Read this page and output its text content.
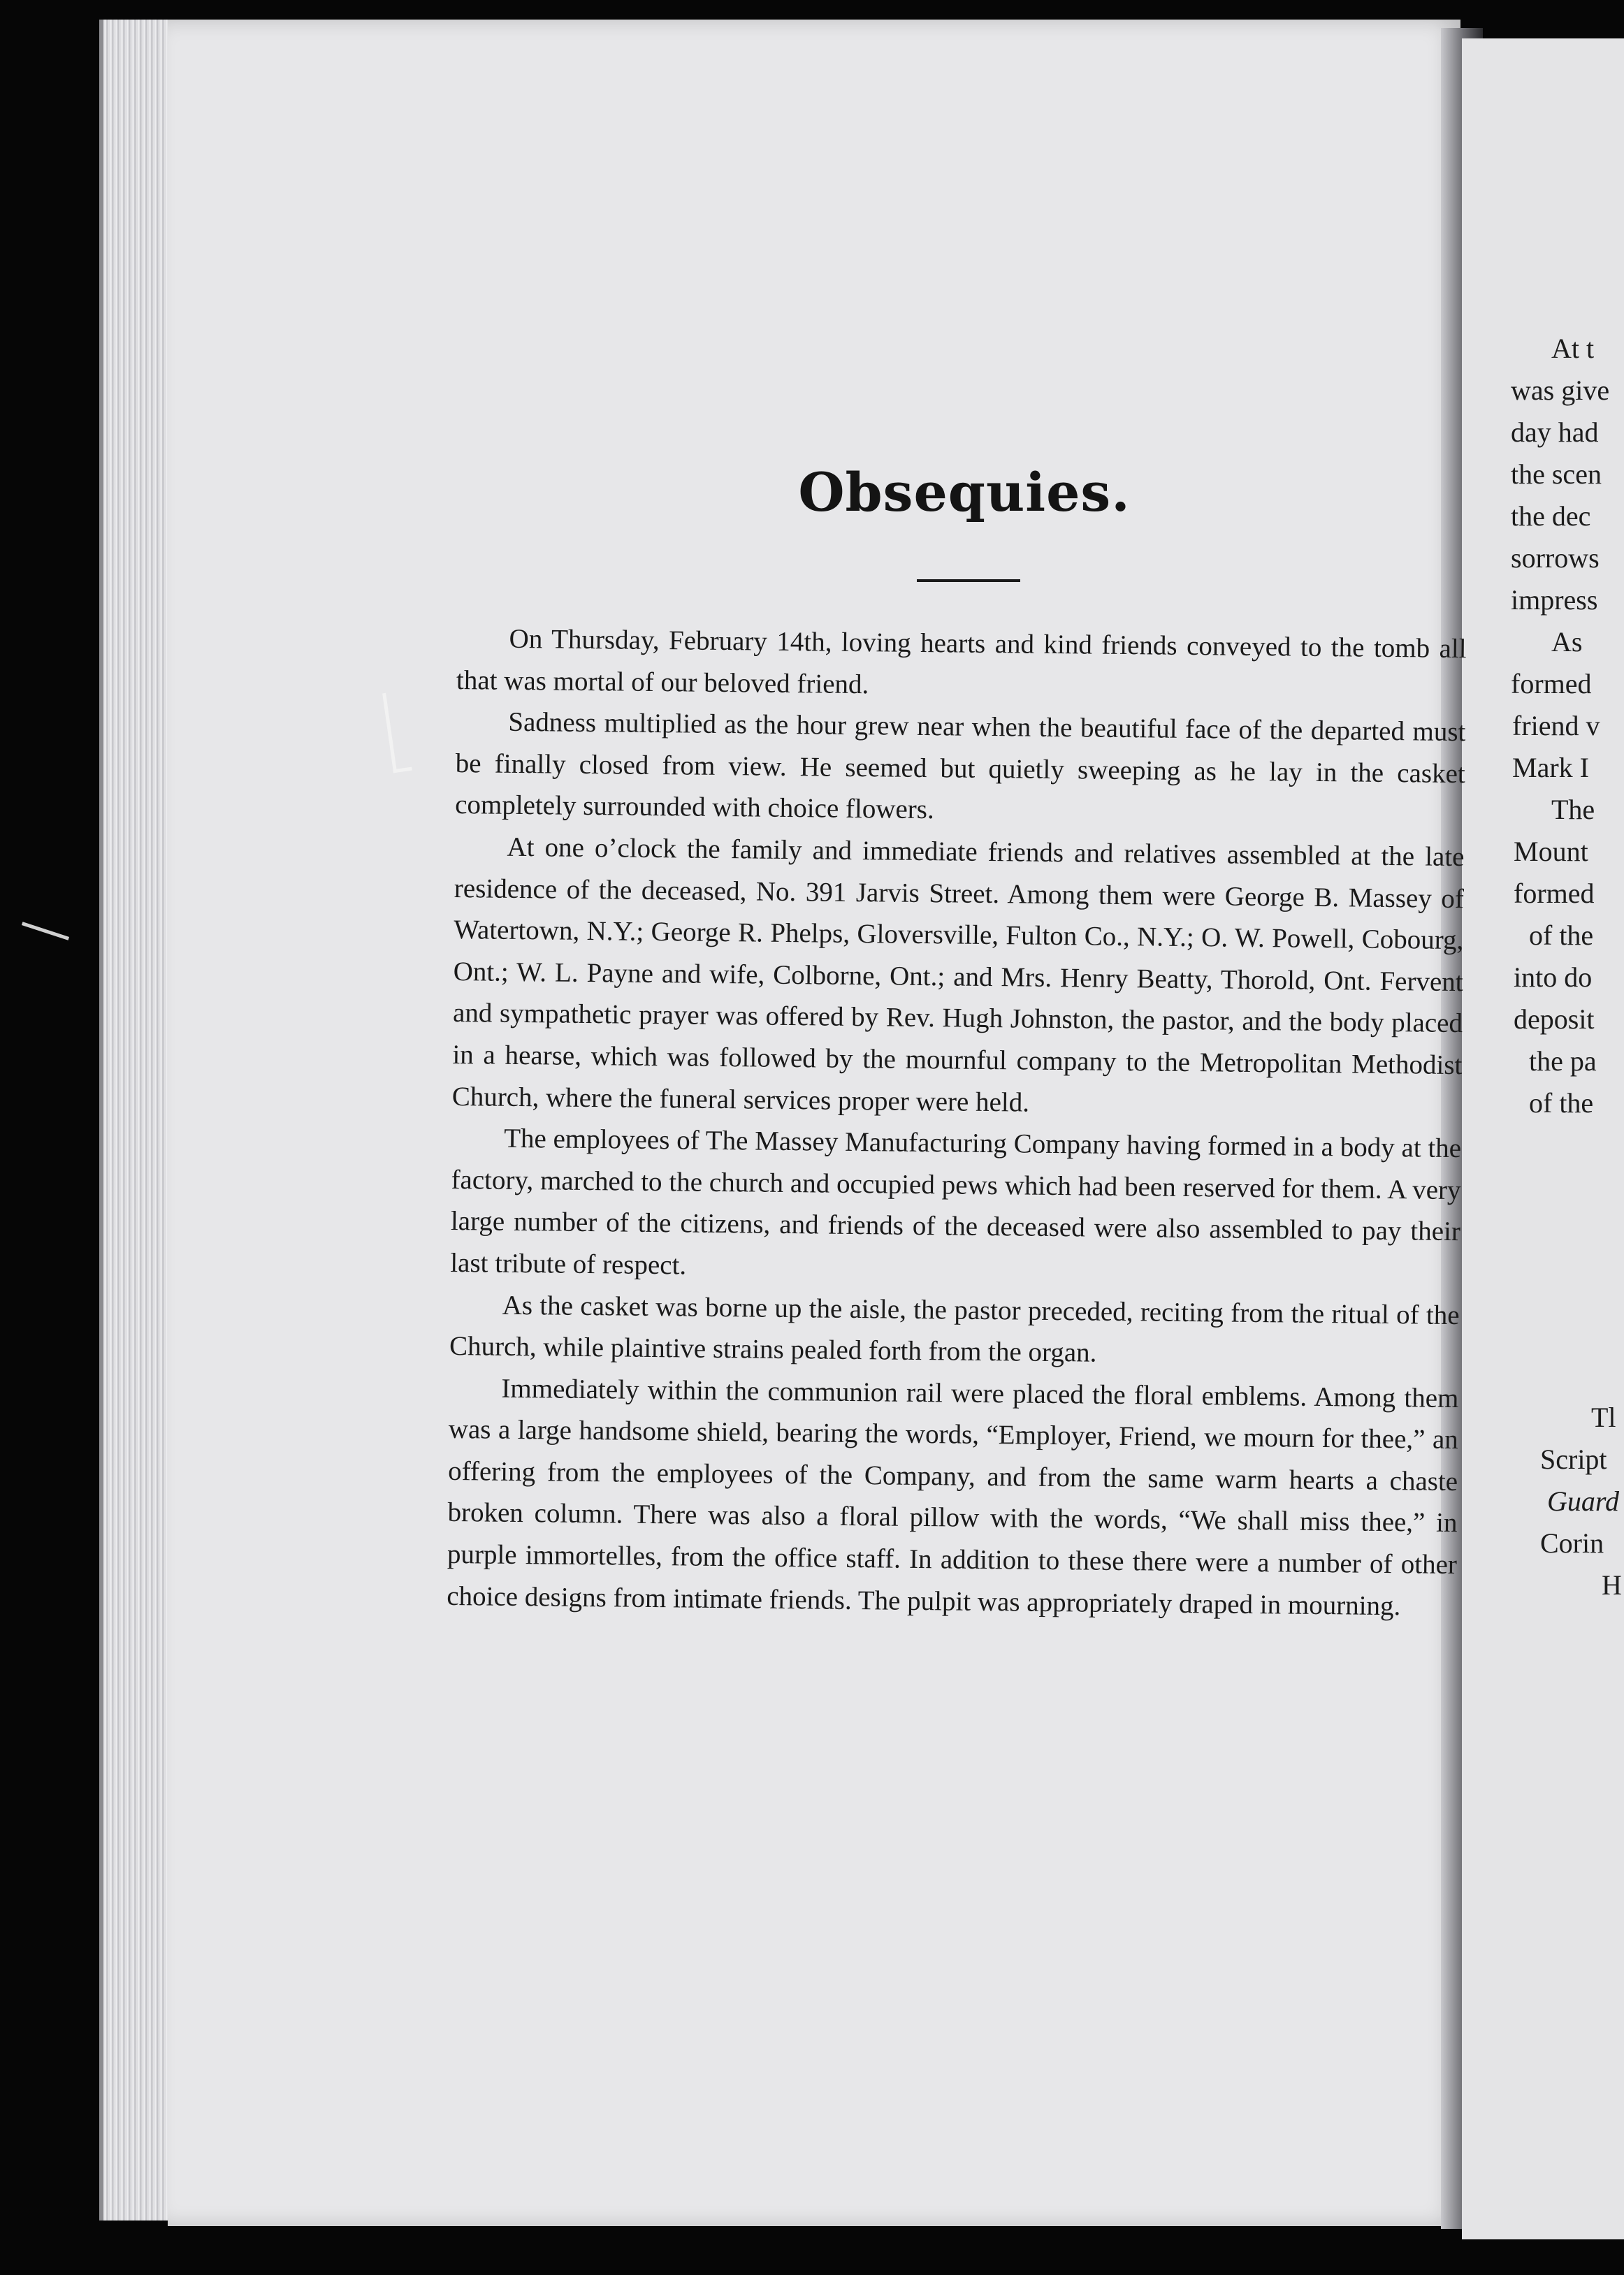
At t
was give
day had
the scen
the dec
sorrows
impress
As
formed
friend v
Mark I
The
Mount
formed
of the
into do
deposit
the pa
of the
Tl
Script
Guard
Corin
H
Obsequies.

On Thursday, February 14th, loving hearts and kind friends conveyed to the tomb all that was mortal of our beloved friend.

Sadness multiplied as the hour grew near when the beautiful face of the departed must be finally closed from view. He seemed but quietly sweeping as he lay in the casket completely surrounded with choice flowers.

At one o’clock the family and immediate friends and relatives assembled at the late residence of the deceased, No. 391 Jarvis Street. Among them were George B. Massey of Watertown, N.Y.; George R. Phelps, Gloversville, Fulton Co., N.Y.; O. W. Powell, Cobourg, Ont.; W. L. Payne and wife, Colborne, Ont.; and Mrs. Henry Beatty, Thorold, Ont. Fervent and sympathetic prayer was offered by Rev. Hugh Johnston, the pastor, and the body placed in a hearse, which was followed by the mournful company to the Metropolitan Methodist Church, where the funeral services proper were held.

The employees of The Massey Manufacturing Company having formed in a body at the factory, marched to the church and occupied pews which had been reserved for them. A very large number of the citizens, and friends of the deceased were also assembled to pay their last tribute of respect.

As the casket was borne up the aisle, the pastor preceded, reciting from the ritual of the Church, while plaintive strains pealed forth from the organ.

Immediately within the communion rail were placed the floral emblems. Among them was a large handsome shield, bearing the words, “Employer, Friend, we mourn for thee,” an offering from the employees of the Company, and from the same warm hearts a chaste broken column. There was also a floral pillow with the words, “We shall miss thee,” in purple immortelles, from the office staff. In addition to these there were a number of other choice designs from intimate friends. The pulpit was appropriately draped in mourning.
